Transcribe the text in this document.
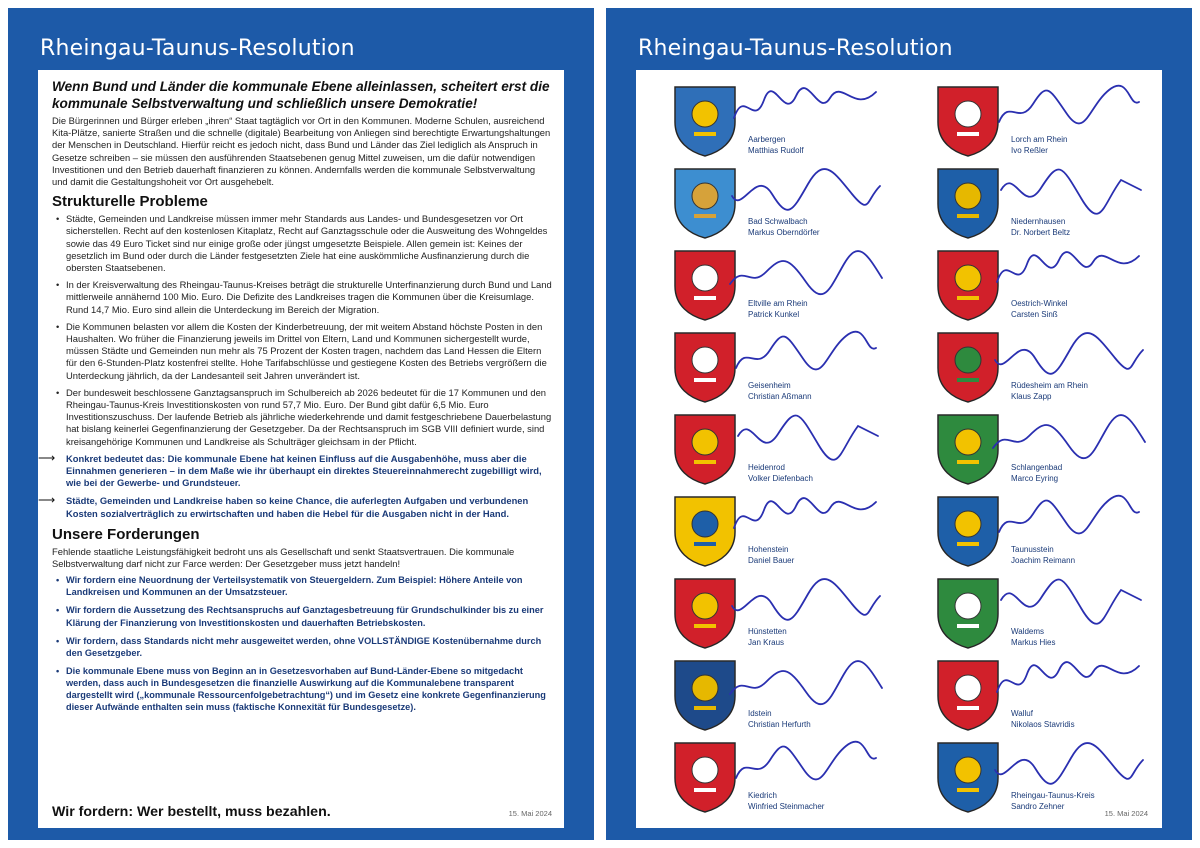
Rheingau-Taunus-Resolution
Wenn Bund und Länder die kommunale Ebene alleinlassen, scheitert erst die kommunale Selbstverwaltung und schließlich unsere Demokratie!

Die Bürgerinnen und Bürger erleben „ihren“ Staat tagtäglich vor Ort in den Kommunen. Moderne Schulen, ausreichend Kita-Plätze, sanierte Straßen und die schnelle (digitale) Bearbeitung von Anliegen sind berechtigte Erwartungshaltungen der Menschen in Deutschland. Hierfür reicht es jedoch nicht, dass Bund und Länder das Ziel lediglich als Anspruch in Gesetze schreiben – sie müssen den ausführenden Staatsebenen genug Mittel zuweisen, um die dafür notwendigen Investitionen und den Betrieb dauerhaft finanzieren zu können. Andernfalls werden die kommunale Selbstverwaltung und damit die Gestaltungshoheit vor Ort ausgehebelt.

Strukturelle Probleme
• Städte, Gemeinden und Landkreise müssen immer mehr Standards aus Landes- und Bundesgesetzen vor Ort sicherstellen. Recht auf den kostenlosen Kitaplatz, Recht auf Ganztagsschule oder die Ausweitung des Wohngeldes sowie das 49 Euro Ticket sind nur einige große oder jüngst umgesetzte Beispiele. Allen gemein ist: Keines der gesetzlich im Bund oder durch die Länder festgesetzten Ziele hat eine auskömmliche Ausfinanzierung durch die obersten Staatsebenen.
• In der Kreisverwaltung des Rheingau-Taunus-Kreises beträgt die strukturelle Unterfinanzierung durch Bund und Land mittlerweile annähernd 100 Mio. Euro. Die Defizite des Landkreises tragen die Kommunen über die Kreisumlage. Rund 14,7 Mio. Euro sind allein die Unterdeckung im Bereich der Migration.
• Die Kommunen belasten vor allem die Kosten der Kinderbetreuung, der mit weitem Abstand höchste Posten in den Haushalten. Wo früher die Finanzierung jeweils im Drittel von Eltern, Land und Kommunen sichergestellt wurde, müssen Städte und Gemeinden nun mehr als 75 Prozent der Kosten tragen, nachdem das Land Hessen die Eltern für den 6-Stunden-Platz kostenfrei stellte. Hohe Tarifabschlüsse und gestiegene Kosten des Betriebs vergrößern die Unterdeckung jährlich, da der Landesanteil seit Jahren unverändert ist.
• Der bundesweit beschlossene Ganztagsanspruch im Schulbereich ab 2026 bedeutet für die 17 Kommunen und den Rheingau-Taunus-Kreis Investitionskosten von rund 57,7 Mio. Euro. Der Bund gibt dafür 6,5 Mio. Euro Investitionszuschuss. Der laufende Betrieb als jährliche wiederkehrende und damit festgeschriebene Dauerbelastung hat bislang keinerlei Gegenfinanzierung der Gesetzgeber. Da der Rechtsanspruch im SGB VIII definiert wurde, sind kreisangehörige Kommunen und Landkreise als Schulträger gleichsam in der Pflicht.
⟶ Konkret bedeutet das: Die kommunale Ebene hat keinen Einfluss auf die Ausgabenhöhe, muss aber die Einnahmen generieren – in dem Maße wie ihr überhaupt ein direktes Steuereinnahmerecht zugebilligt wird, wie bei der Gewerbe- und Grundsteuer.
⟶ Städte, Gemeinden und Landkreise haben so keine Chance, die auferlegten Aufgaben und verbundenen Kosten sozialverträglich zu erwirtschaften und haben die Hebel für die Ausgaben nicht in der Hand.
Unsere Forderungen

Fehlende staatliche Leistungsfähigkeit bedroht uns als Gesellschaft und senkt Staatsvertrauen. Die kommunale Selbstverwaltung darf nicht zur Farce werden: Der Gesetzgeber muss jetzt handeln!

• Wir fordern eine Neuordnung der Verteilsystematik von Steuergeldern. Zum Beispiel: Höhere Anteile von Landkreisen und Kommunen an der Umsatzsteuer.
• Wir fordern die Aussetzung des Rechtsanspruchs auf Ganztagesbetreuung für Grundschulkinder bis zu einer Klärung der Finanzierung von Investitionskosten und dauerhaften Betriebskosten.
• Wir fordern, dass Standards nicht mehr ausgeweitet werden, ohne VOLLSTÄNDIGE Kostenübernahme durch den Gesetzgeber.
• Die kommunale Ebene muss von Beginn an in Gesetzesvorhaben auf Bund-Länder-Ebene so mitgedacht werden, dass auch in Bundesgesetzen die finanzielle Auswirkung auf die Kommunalebene transparent dargestellt wird („kommunale Ressourcenfolgebetrachtung“) und im Gesetz eine konkrete Gegenfinanzierung dieser Aufwände enthalten sein muss (faktische Konnexität für Bundesgesetze).
Wir fordern: Wer bestellt, muss bezahlen.	15. Mai 2024
Rheingau-Taunus-Resolution
Aarbergen
Matthias Rudolf
Lorch am Rhein
Ivo Reßler
Bad Schwalbach
Markus Oberndörfer
Niedernhausen
Dr. Norbert Beltz
Eltville am Rhein
Patrick Kunkel
Oestrich-Winkel
Carsten Sinß
Geisenheim
Christian Aßmann
Rüdesheim am Rhein
Klaus Zapp
Heidenrod
Volker Diefenbach
Schlangenbad
Marco Eyring
Hohenstein
Daniel Bauer
Taunusstein
Joachim Reimann
Hünstetten
Jan Kraus
Waldems
Markus Hies
Idstein
Christian Herfurth
Walluf
Nikolaos Stavridis
Kiedrich
Winfried Steinmacher
Rheingau-Taunus-Kreis
Sandro Zehner
15. Mai 2024
